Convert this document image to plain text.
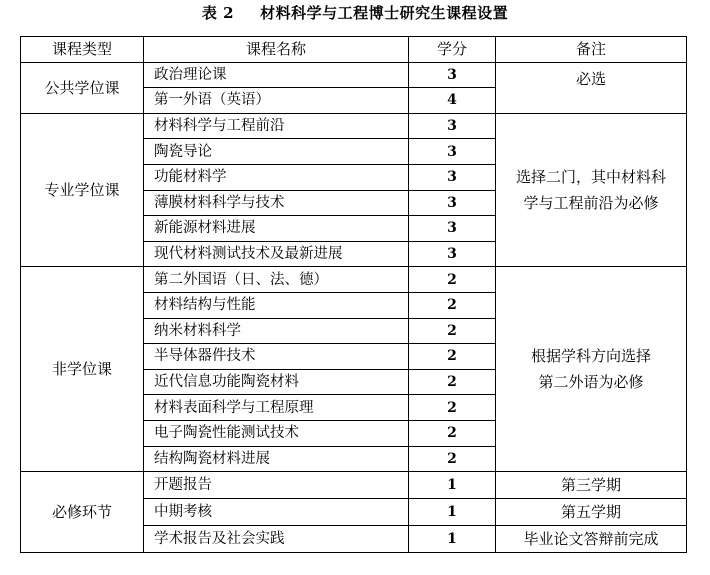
表 2 材料科学与工程博士研究生课程设置
课程类型	课程名称	学分	备注
公共学位课	政治理论课	3	必选

	第一外语（英语）	4	
专业学位课	材料科学与工程前沿	3	选择二门，其中材料科
学与工程前沿为必修

	陶瓷导论	3	
	功能材料学	3	
	薄膜材料科学与技术	3	
	新能源材料进展	3	
	现代材料测试技术及最新进展	3	
非学位课	第二外国语（日、法、德）	2	根据学科方向选择
第二外语为必修

	材料结构与性能	2	
	纳米材料科学	2	
	半导体器件技术	2	
	近代信息功能陶瓷材料	2	
	材料表面科学与工程原理	2	
	电子陶瓷性能测试技术	2	
	结构陶瓷材料进展	2	
必修环节	开题报告	1	第三学期
	中期考核	1	第五学期
	学术报告及社会实践	1	毕业论文答辩前完成
